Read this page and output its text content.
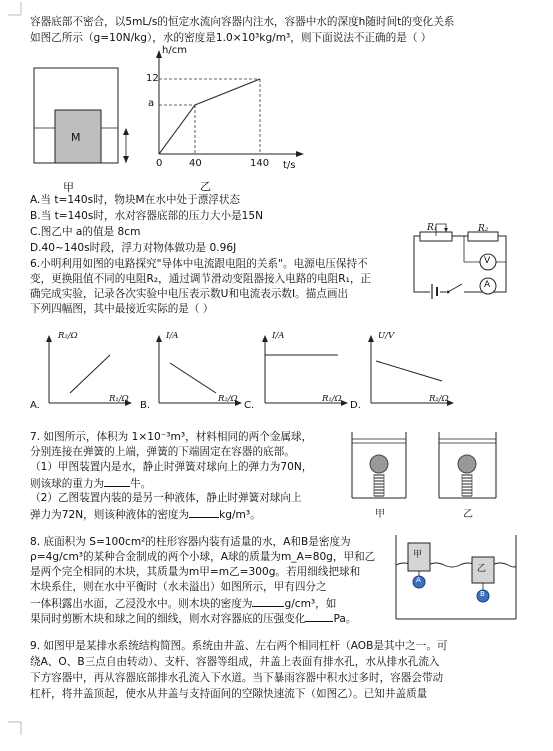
容器底部不密合，以5mL/s的恒定水流向容器内注水，容器中水的深度h随时间t的变化关系
如图乙所示（g=10N/kg），水的密度是1.0×10³kg/m³，则下面说法不正确的是（ ）
M
甲
h/cm
12
a
0	40	140 t/s
乙
A.当 t=140s时，物块M在水中处于漂浮状态
B.当 t=140s时，水对容器底部的压力大小是15N
C.图乙中 a的值是 8cm
D.40~140s时段，浮力对物体做功是 0.96J
6.小明利用如图的电路探究"导体中电流跟电阻的关系"。电源电压保持不
变，更换阻值不同的电阻R₂，通过调节滑动变阻器接入电路的电阻R₁，正
确完成实验，记录各次实验中电压表示数U和电流表示数I。描点画出
下列四幅图，其中最接近实际的是（ ）
R₁	R₂
V
A
R₂/Ω
R₁/Ω
A.
I/A
R₂/Ω
B.
I/A
R₁/Ω
C.
U/V
R₂/Ω
D.
7. 如图所示，体积为 1×10⁻³m³，材料相同的两个金属球，
分别连接在弹簧的上端，弹簧的下端固定在容器的底部。
（1）甲图装置内是水，静止时弹簧对球向上的弹力为70N，
则该球的重力为 牛。
（2）乙图装置内装的是另一种液体，静止时弹簧对球向上
弹力为72N，则该种液体的密度为	kg/m³。	甲	乙
8. 底面积为 S=100cm²的柱形容器内装有适量的水，A和B是密度为
ρ=4g/cm³的某种合金制成的两个小球，A球的质量为m_A=80g，甲和乙
是两个完全相同的木块，其质量为m甲=m乙=300g。若用细线把球和
木块系住，则在水中平衡时（水未溢出）如图所示，甲有四分之
一体积露出水面，乙浸没水中。则木块的密度为	g/cm³，如
果同时剪断木块和球之间的细线，则水对容器底的压强变化	Pa。
甲
乙
A
B
9. 如图甲是某排水系统结构简图。系统由井盖、左右两个相同杠杆（AOB是其中之一。可
绕A、O、B三点自由转动）、支杆、容器等组成，井盖上表面有排水孔，水从排水孔流入
下方容器中，再从容器底部排水孔流入下水道。当下暴雨容器中积水过多时，容器会带动
杠杆，将井盖顶起，使水从井盖与支持面间的空隙快速流下（如图乙）。已知井盖质量
